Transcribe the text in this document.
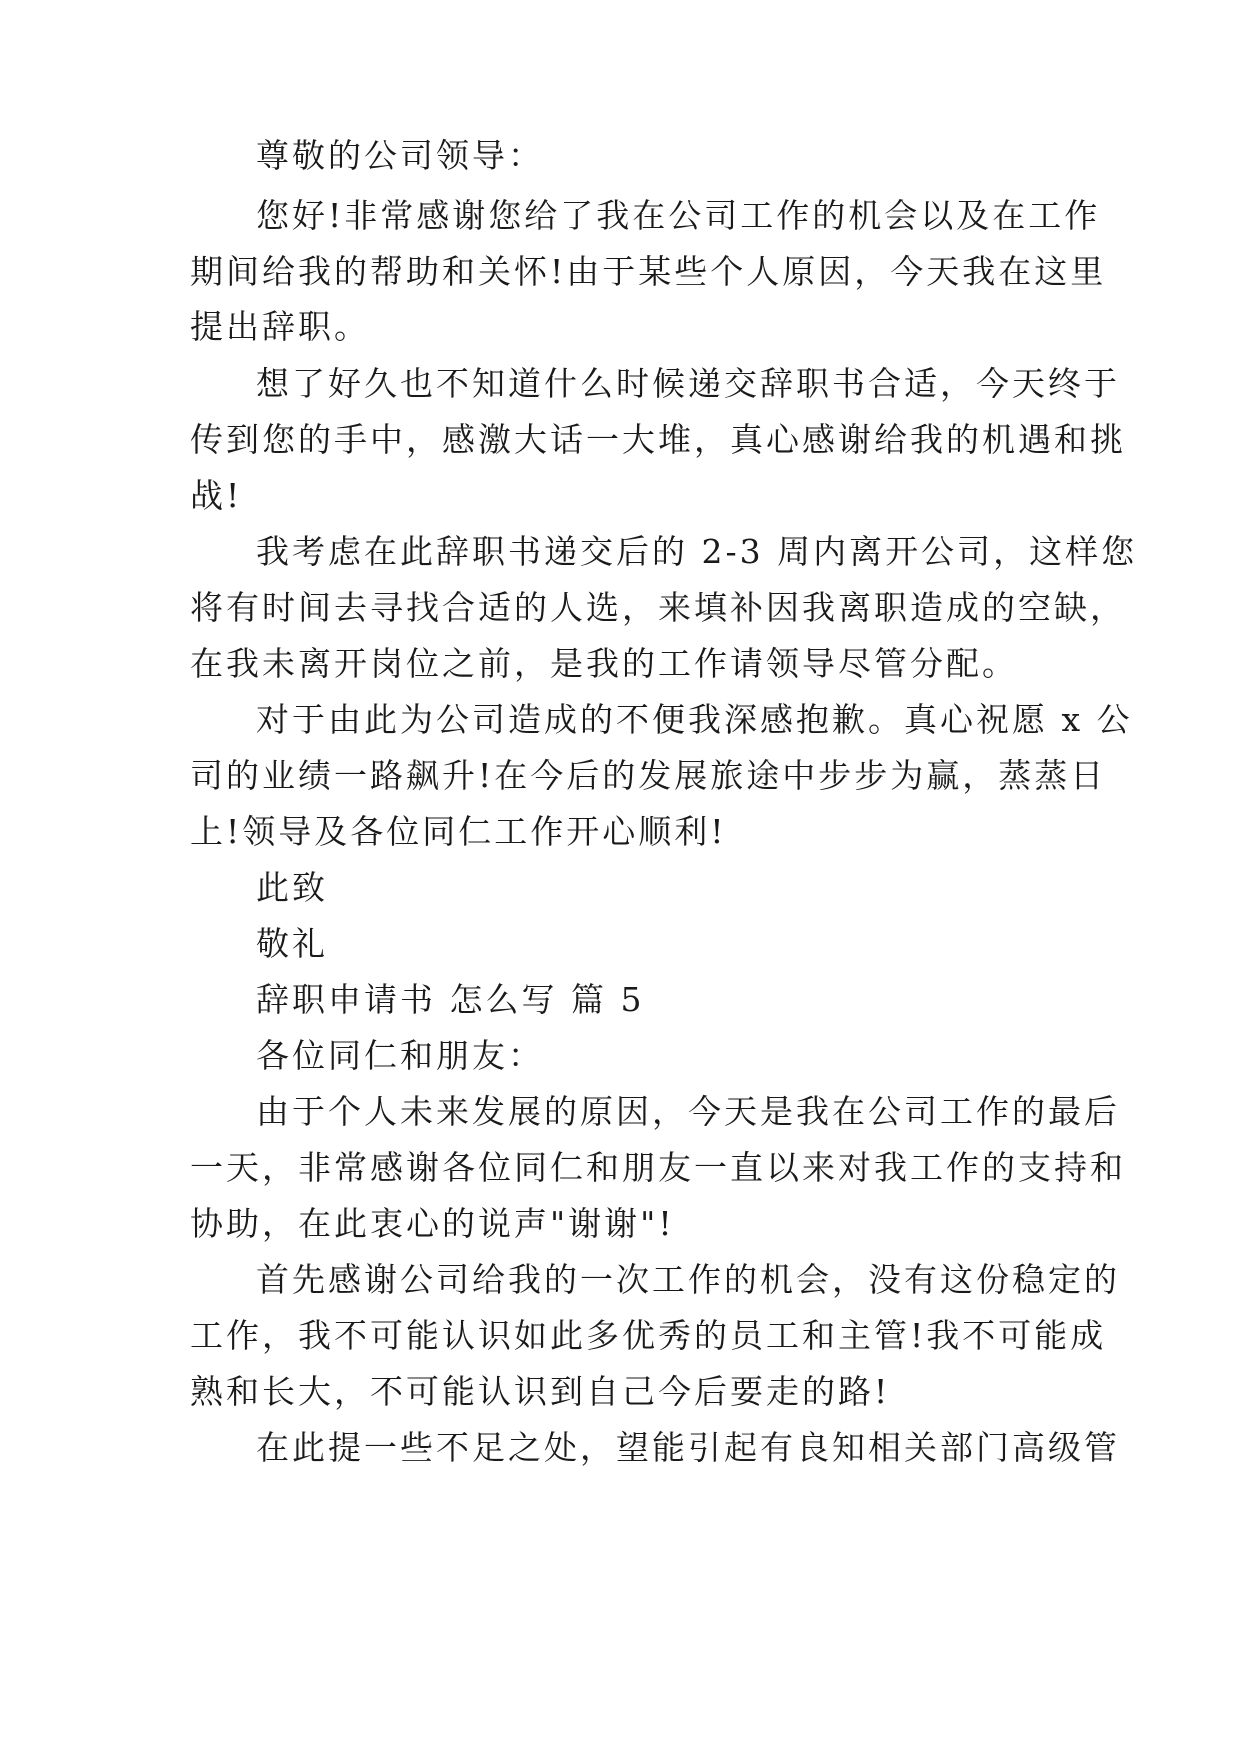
尊敬的公司领导：
您好!非常感谢您给了我在公司工作的机会以及在工作
期间给我的帮助和关怀!由于某些个人原因，今天我在这里
提出辞职。
想了好久也不知道什么时候递交辞职书合适，今天终于
传到您的手中，感激大话一大堆，真心感谢给我的机遇和挑
战!
我考虑在此辞职书递交后的 2-3 周内离开公司，这样您
将有时间去寻找合适的人选，来填补因我离职造成的空缺，
在我未离开岗位之前，是我的工作请领导尽管分配。
对于由此为公司造成的不便我深感抱歉。真心祝愿 x 公
司的业绩一路飙升!在今后的发展旅途中步步为赢，蒸蒸日
上!领导及各位同仁工作开心顺利!
此致
敬礼
辞职申请书 怎么写 篇 5
各位同仁和朋友：
由于个人未来发展的原因，今天是我在公司工作的最后
一天，非常感谢各位同仁和朋友一直以来对我工作的支持和
协助，在此衷心的说声"谢谢"!
首先感谢公司给我的一次工作的机会，没有这份稳定的
工作，我不可能认识如此多优秀的员工和主管!我不可能成
熟和长大，不可能认识到自己今后要走的路!
在此提一些不足之处，望能引起有良知相关部门高级管
